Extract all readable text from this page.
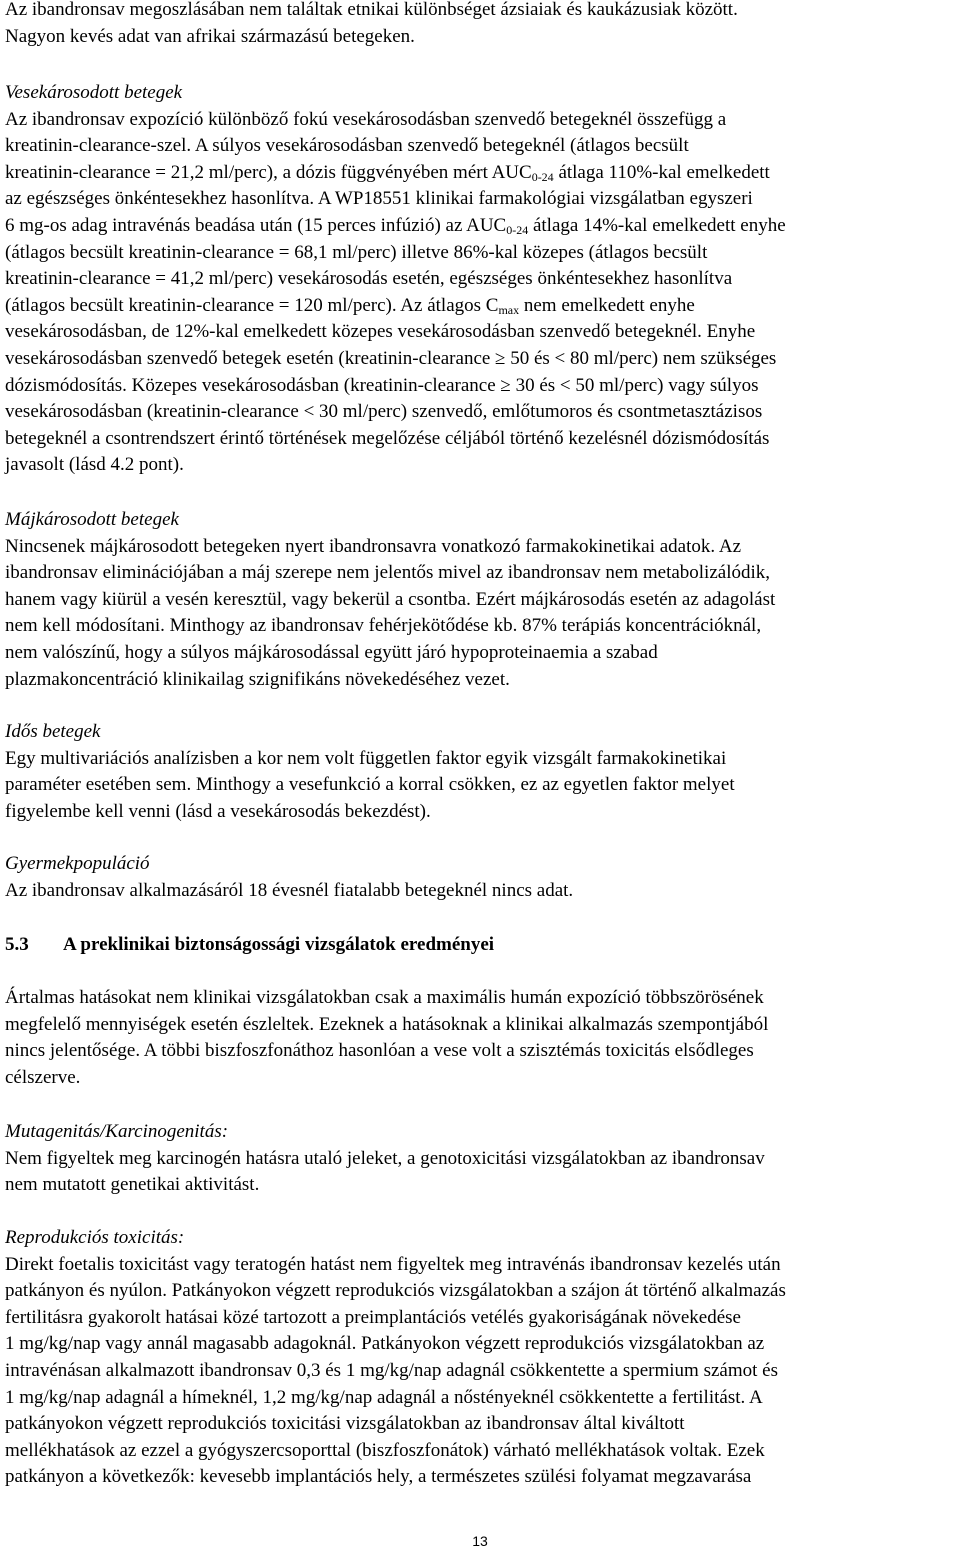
Az ibandronsav megoszlásában nem találtak etnikai különbséget ázsiaiak és kaukázusiak között.
Nagyon kevés adat van afrikai származású betegeken.
Vesekárosodott betegek
Az ibandronsav expozíció különböző fokú vesekárosodásban szenvedő betegeknél összefügg a
kreatinin-clearance-szel. A súlyos vesekárosodásban szenvedő betegeknél (átlagos becsült
kreatinin-clearance = 21,2 ml/perc), a dózis függvényében mért $AUC_{0-24}$ átlaga 110%-kal emelkedett
az egészséges önkéntesekhez hasonlítva. A WP18551 klinikai farmakológiai vizsgálatban egyszeri
6 mg-os adag intravénás beadása után (15 perces infúzió) az $AUC_{0-24}$ átlaga 14%-kal emelkedett enyhe
(átlagos becsült kreatinin-clearance = 68,1 ml/perc) illetve 86%-kal közepes (átlagos becsült
kreatinin-clearance = 41,2 ml/perc) vesekárosodás esetén, egészséges önkéntesekhez hasonlítva
(átlagos becsült kreatinin-clearance = 120 ml/perc). Az átlagos $C_{max}$ nem emelkedett enyhe
vesekárosodásban, de 12%-kal emelkedett közepes vesekárosodásban szenvedő betegeknél. Enyhe
vesekárosodásban szenvedő betegek esetén (kreatinin-clearance ≥ 50 és < 80 ml/perc) nem szükséges
dózismódosítás. Közepes vesekárosodásban (kreatinin-clearance ≥ 30 és < 50 ml/perc) vagy súlyos
vesekárosodásban (kreatinin-clearance < 30 ml/perc) szenvedő, emlőtumoros és csontmetasztázisos
betegeknél a csontrendszert érintő történések megelőzése céljából történő kezelésnél dózismódosítás
javasolt (lásd 4.2 pont).
Májkárosodott betegek
Nincsenek májkárosodott betegeken nyert ibandronsavra vonatkozó farmakokinetikai adatok. Az
ibandronsav eliminációjában a máj szerepe nem jelentős mivel az ibandronsav nem metabolizálódik,
hanem vagy kiürül a vesén keresztül, vagy bekerül a csontba. Ezért májkárosodás esetén az adagolást
nem kell módosítani. Minthogy az ibandronsav fehérjekötődése kb. 87% terápiás koncentrációknál,
nem valószínű, hogy a súlyos májkárosodással együtt járó hypoproteinaemia a szabad
plazmakoncentráció klinikailag szignifikáns növekedéséhez vezet.
Idős betegek
Egy multivariációs analízisben a kor nem volt független faktor egyik vizsgált farmakokinetikai
paraméter esetében sem. Minthogy a vesefunkció a korral csökken, ez az egyetlen faktor melyet
figyelembe kell venni (lásd a vesekárosodás bekezdést).
Gyermekpopuláció
Az ibandronsav alkalmazásáról 18 évesnél fiatalabb betegeknél nincs adat.
5.3 A preklinikai biztonságossági vizsgálatok eredményei
Ártalmas hatásokat nem klinikai vizsgálatokban csak a maximális humán expozíció többszörösének
megfelelő mennyiségek esetén észleltek. Ezeknek a hatásoknak a klinikai alkalmazás szempontjából
nincs jelentősége. A többi biszfoszfonáthoz hasonlóan a vese volt a szisztémás toxicitás elsődleges
célszerve.
Mutagenitás/Karcinogenitás:
Nem figyeltek meg karcinogén hatásra utaló jeleket, a genotoxicitási vizsgálatokban az ibandronsav
nem mutatott genetikai aktivitást.
Reprodukciós toxicitás:
Direkt foetalis toxicitást vagy teratogén hatást nem figyeltek meg intravénás ibandronsav kezelés után
patkányon és nyúlon. Patkányokon végzett reprodukciós vizsgálatokban a szájon át történő alkalmazás
fertilitásra gyakorolt hatásai közé tartozott a preimplantációs vetélés gyakoriságának növekedése
1 mg/kg/nap vagy annál magasabb adagoknál. Patkányokon végzett reprodukciós vizsgálatokban az
intravénásan alkalmazott ibandronsav 0,3 és 1 mg/kg/nap adagnál csökkentette a spermium számot és
1 mg/kg/nap adagnál a hímeknél, 1,2 mg/kg/nap adagnál a nőstényeknél csökkentette a fertilitást. A
patkányokon végzett reprodukciós toxicitási vizsgálatokban az ibandronsav által kiváltott
mellékhatások az ezzel a gyógyszercsoporttal (biszfoszfonátok) várható mellékhatások voltak. Ezek
patkányon a következők: kevesebb implantációs hely, a természetes szülési folyamat megzavarása
13
